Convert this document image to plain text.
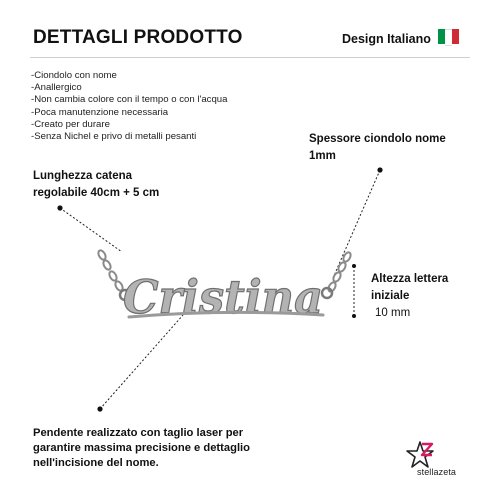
DETTAGLI PRODOTTO	Design Italiano
- Ciondolo con nome
- Anallergico
- Non cambia colore con il tempo o con l'acqua
- Poca manutenzione necessaria
- Creato per durare
- Senza Nichel e privo di metalli pesanti
Lunghezza catena
regolabile 40cm + 5 cm
Spessore ciondolo nome
1mm
Altezza lettera
iniziale
10 mm
Pendente realizzato con taglio laser per
garantire massima precisione e dettaglio
nell'incisione del nome.
Cristina
stellazeta
